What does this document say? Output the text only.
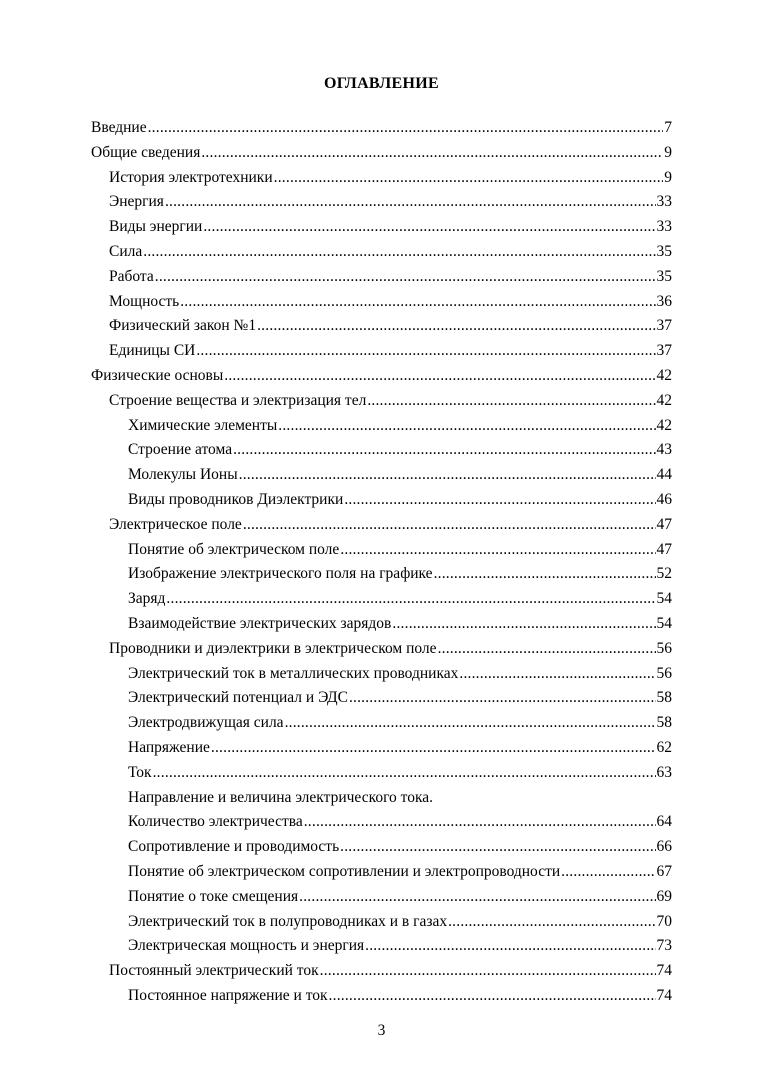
ОГЛАВЛЕНИЕ
Введние .....	7
Общие сведения .....	9
История электротехники .....	9
Энергия .....	33
Виды энергии .....	33
Сила .....	35
Работа .....	35
Мощность .....	36
Физический закон №1 .....	37
Единицы СИ .....	37
Физические основы .....	42
Строение вещества и электризация тел .....	42
Химические элементы .....	42
Строение атома .....	43
Молекулы Ионы .....	44
Виды проводников Диэлектрики .....	46
Электрическое поле .....	47
Понятие об электрическом поле .....	47
Изображение электрического поля на графике .....	52
Заряд .....	54
Взаимодействие электрических зарядов .....	54
Проводники и диэлектрики в электрическом поле .....	56
Электрический ток в металлических проводниках .....	56
Электрический потенциал и ЭДС .....	58
Электродвижущая сила .....	58
Напряжение .....	62
Ток .....	63
Направление и величина электрического тока.
Количество электричества .....	64
Сопротивление и проводимость .....	66
Понятие об электрическом сопротивлении и электропроводности .....	67
Понятие о токе смещения .....	69
Электрический ток в полупроводниках и в газах .....	70
Электрическая мощность и энергия .....	73
Постоянный электрический ток .....	74
Постоянное напряжение и ток .....	74
3
